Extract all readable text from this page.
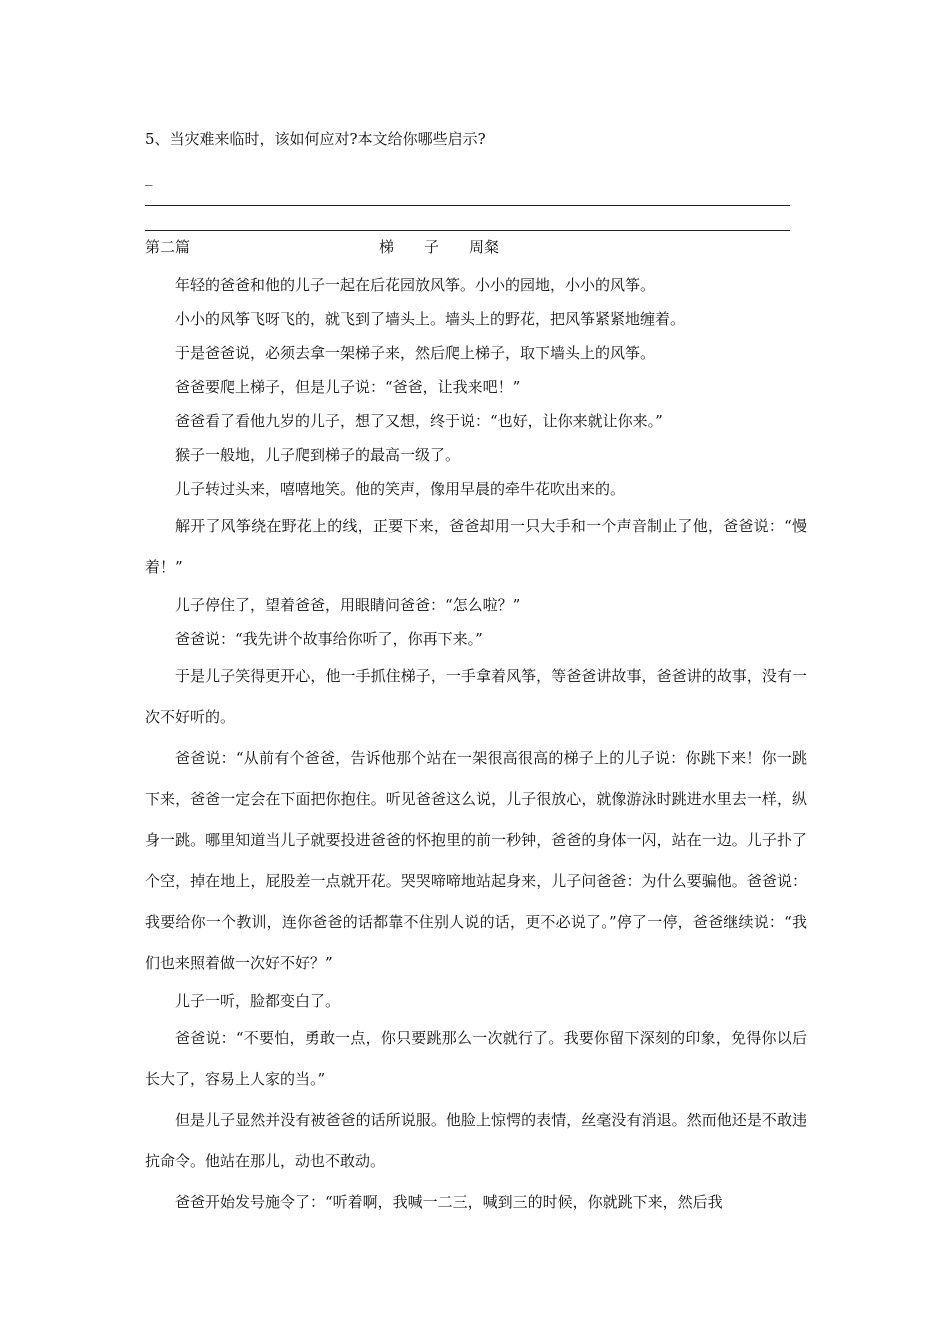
5、当灾难来临时，该如何应对?本文给你哪些启示?
_
第二篇	梯　　子　　周粲

年轻的爸爸和他的儿子一起在后花园放风筝。小小的园地，小小的风筝。

小小的风筝飞呀飞的，就飞到了墙头上。墙头上的野花，把风筝紧紧地缠着。

于是爸爸说，必须去拿一架梯子来，然后爬上梯子，取下墙头上的风筝。

爸爸要爬上梯子，但是儿子说：“爸爸，让我来吧！”

爸爸看了看他九岁的儿子，想了又想，终于说：“也好，让你来就让你来。”

猴子一般地，儿子爬到梯子的最高一级了。

儿子转过头来，嘻嘻地笑。他的笑声，像用早晨的牵牛花吹出来的。

解开了风筝绕在野花上的线，正要下来，爸爸却用一只大手和一个声音制止了他，爸爸说：“慢着！”

儿子停住了，望着爸爸，用眼睛问爸爸：“怎么啦？”

爸爸说：“我先讲个故事给你听了，你再下来。”

于是儿子笑得更开心，他一手抓住梯子，一手拿着风筝，等爸爸讲故事，爸爸讲的故事，没有一次不好听的。

爸爸说：“从前有个爸爸，告诉他那个站在一架很高很高的梯子上的儿子说：你跳下来！你一跳下来，爸爸一定会在下面把你抱住。听见爸爸这么说，儿子很放心，就像游泳时跳进水里去一样，纵身一跳。哪里知道当儿子就要投进爸爸的怀抱里的前一秒钟，爸爸的身体一闪，站在一边。儿子扑了个空，掉在地上，屁股差一点就开花。哭哭啼啼地站起身来，儿子问爸爸：为什么要骗他。爸爸说：我要给你一个教训，连你爸爸的话都靠不住别人说的话，更不必说了。”停了一停，爸爸继续说：“我们也来照着做一次好不好？”

儿子一听，脸都变白了。

爸爸说：“不要怕，勇敢一点，你只要跳那么一次就行了。我要你留下深刻的印象，免得你以后长大了，容易上人家的当。”

但是儿子显然并没有被爸爸的话所说服。他脸上惊愕的表情，丝毫没有消退。然而他还是不敢违抗命令。他站在那儿，动也不敢动。

爸爸开始发号施令了：“听着啊，我喊一二三，喊到三的时候，你就跳下来，然后我
